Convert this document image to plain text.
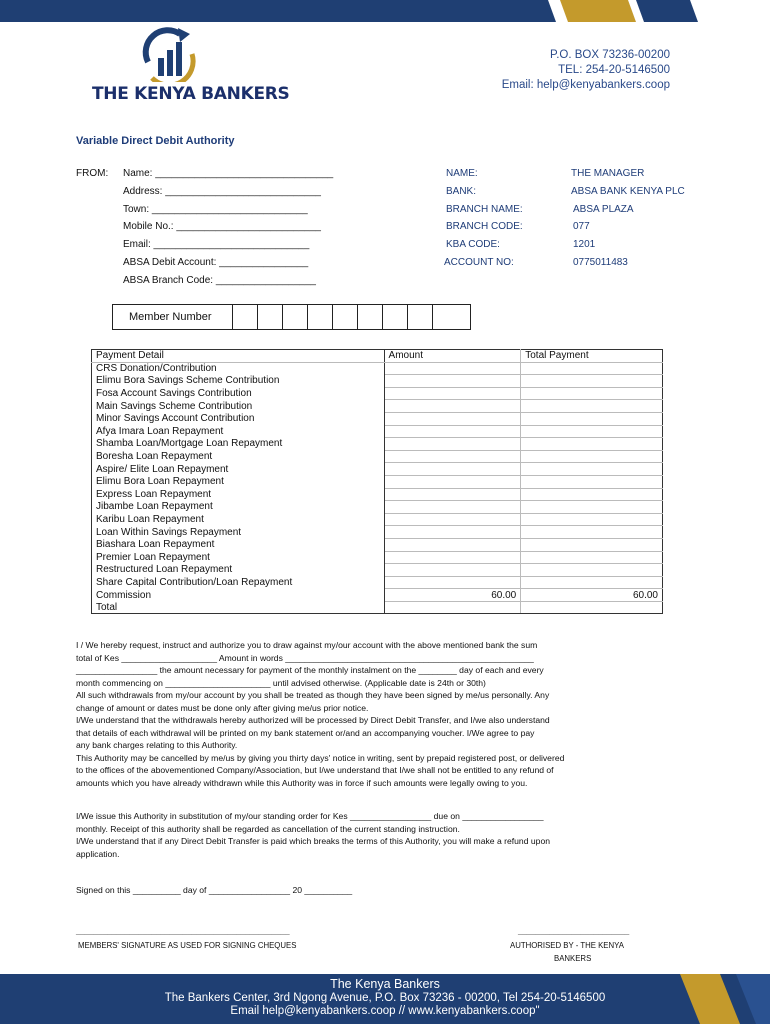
THE KENYA BANKERS
P.O. BOX 73236-00200
TEL: 254-20-5146500
Email: help@kenyabankers.coop
Variable Direct Debit Authority
FROM: Name: ________________________________
Address: ____________________________
Town: ____________________________
Mobile No.: __________________________
Email: ____________________________
ABSA Debit Account: ________________
ABSA Branch Code: __________________
NAME:	THE MANAGER
BANK:	ABSA BANK KENYA PLC
BRANCH NAME:	ABSA PLAZA
BRANCH CODE:	077
KBA CODE:	1201
ACCOUNT NO:	0775011483
Member Number
Payment Detail	Amount	Total Payment
CRS Donation/Contribution		
Elimu Bora Savings Scheme Contribution		
Fosa Account Savings Contribution		
Main Savings Scheme Contribution		
Minor Savings Account Contribution		
Afya Imara Loan Repayment		
Shamba Loan/Mortgage Loan Repayment		
Boresha Loan Repayment		
Aspire/ Elite Loan Repayment		
Elimu Bora Loan Repayment		
Express Loan Repayment		
Jibambe Loan Repayment		
Karibu Loan Repayment		
Loan Within Savings Repayment		
Biashara Loan Repayment		
Premier Loan Repayment		
Restructured Loan Repayment		
Share Capital Contribution/Loan Repayment		
Commission	60.00	60.00
Total		

I / We hereby request, instruct and authorize you to draw against my/our account with the above mentioned bank the sum

total of Kes ____________________ Amount in words ____________________________________________________

_________________ the amount necessary for payment of the monthly instalment on the ________ day of each and every

month commencing on ______________________ until advised otherwise. (Applicable date is 24th or 30th)

All such withdrawals from my/our account by you shall be treated as though they have been signed by me/us personally. Any

change of amount or dates must be done only after giving me/us prior notice.

I/We understand that the withdrawals hereby authorized will be processed by Direct Debit Transfer, and I/we also understand

that details of each withdrawal will be printed on my bank statement or/and an accompanying voucher. I/We agree to pay

any bank charges relating to this Authority.

This Authority may be cancelled by me/us by giving you thirty days' notice in writing, sent by prepaid registered post, or delivered

to the offices of the abovementioned Company/Association, but I/we understand that I/we shall not be entitled to any refund of

amounts which you have already withdrawn while this Authority was in force if such amounts were legally owing to you.

I/We issue this Authority in substitution of my/our standing order for Kes _________________ due on _________________

monthly. Receipt of this authority shall be regarded as cancellation of the current standing instruction.

I/We understand that if any Direct Debit Transfer is paid which breaks the terms of this Authority, you will make a refund upon

application.

Signed on this __________ day of _________________ 20 __________
________________________________________________
MEMBERS' SIGNATURE AS USED FOR SIGNING CHEQUES
_________________________
AUTHORISED BY - THE KENYA
BANKERS
The Kenya Bankers
The Bankers Center, 3rd Ngong Avenue, P.O. Box 73236 - 00200, Tel 254-20-5146500
Email help@kenyabankers.coop // www.kenyabankers.coop"
